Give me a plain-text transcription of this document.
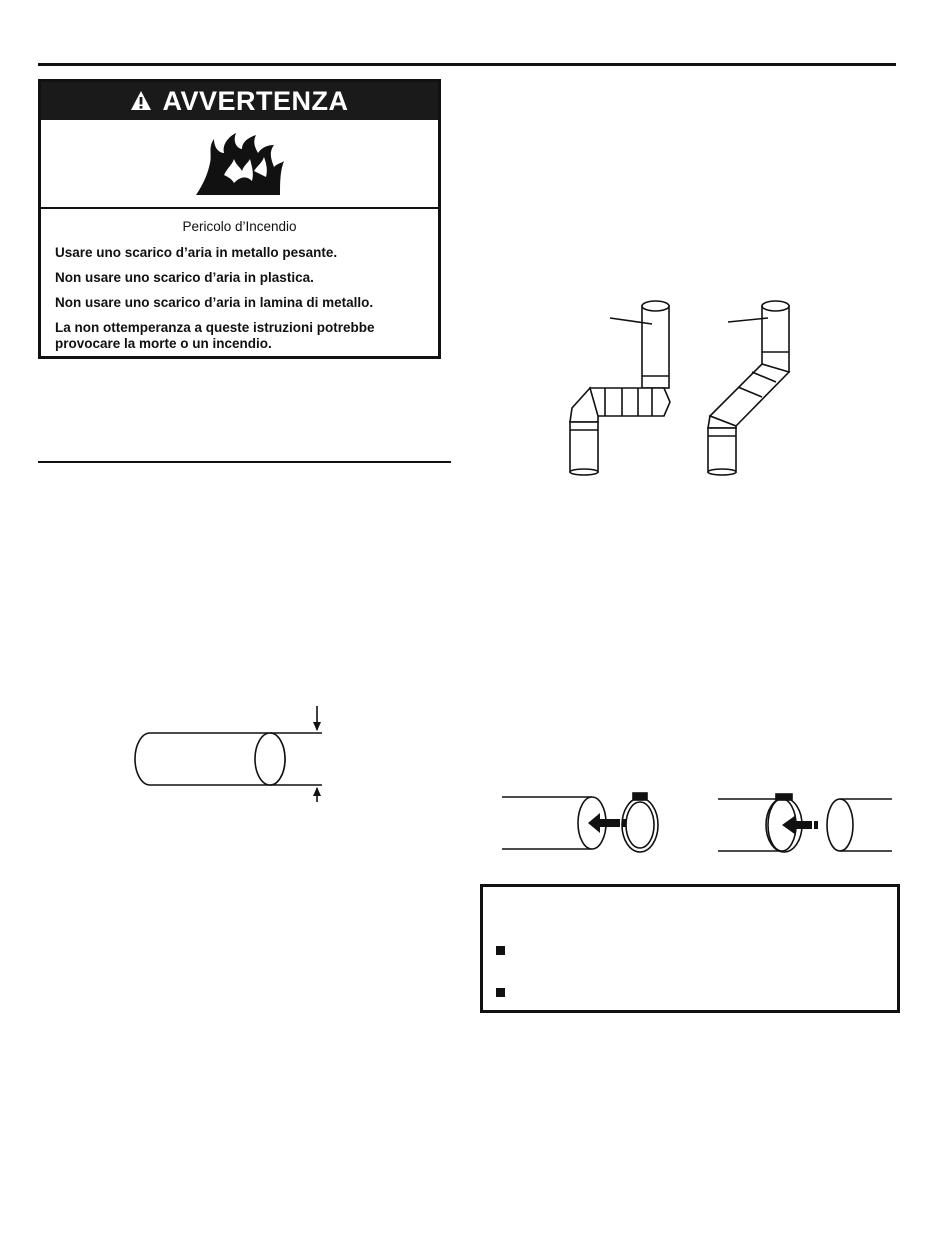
AVVERTENZA
Pericolo d’Incendio
Usare uno scarico d’aria in metallo pesante.
Non usare uno scarico d’aria in plastica.
Non usare uno scarico d’aria in lamina di metallo.
La non ottemperanza a queste istruzioni potrebbe provocare la morte o un incendio.
